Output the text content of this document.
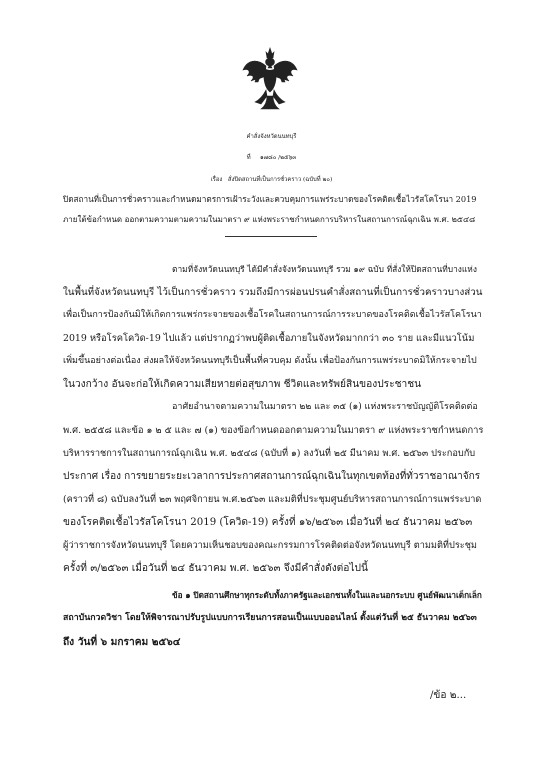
คำสั่งจังหวัดนนทบุรี
ที่ ๑๗๘๐ /๒๕๖๓
เรื่อง สั่งปิดสถานที่เป็นการชั่วคราว (ฉบับที่ ๒๐)
ปิดสถานที่เป็นการชั่วคราวและกำหนดมาตรการเฝ้าระวังและควบคุมการแพร่ระบาดของโรคติดเชื้อไวรัสโคโรนา 2019
ภายใต้ข้อกำหนด ออกตามความตามความในมาตรา ๙ แห่งพระราชกำหนดการบริหารในสถานการณ์ฉุกเฉิน พ.ศ. ๒๕๔๘
ตามที่จังหวัดนนทบุรี ได้มีคำสั่งจังหวัดนนทบุรี รวม ๑๙ ฉบับ ที่สั่งให้ปิดสถานที่บางแห่ง
ในพื้นที่จังหวัดนนทบุรี ไว้เป็นการชั่วคราว รวมถึงมีการผ่อนปรนคำสั่งสถานที่เป็นการชั่วคราวบางส่วน
เพื่อเป็นการป้องกันมิให้เกิดการแพร่กระจายของเชื้อโรคในสถานการณ์การระบาดของโรคติดเชื้อไวรัสโคโรนา
2019 หรือโรคโควิด-19 ไปแล้ว แต่ปรากฏว่าพบผู้ติดเชื้อภายในจังหวัดมากกว่า ๓๐ ราย และมีแนวโน้ม
เพิ่มขึ้นอย่างต่อเนื่อง ส่งผลให้จังหวัดนนทบุรีเป็นพื้นที่ควบคุม ดังนั้น เพื่อป้องกันการแพร่ระบาดมิให้กระจายไป
ในวงกว้าง อันจะก่อให้เกิดความเสียหายต่อสุขภาพ ชีวิตและทรัพย์สินของประชาชน
อาศัยอำนาจตามความในมาตรา ๒๒ และ ๓๕ (๑) แห่งพระราชบัญญัติโรคติดต่อ
พ.ศ. ๒๕๕๘ และข้อ ๑ ๒ ๕ และ ๗ (๑) ของข้อกำหนดออกตามความในมาตรา ๙ แห่งพระราชกำหนดการ
บริหารราชการในสถานการณ์ฉุกเฉิน พ.ศ. ๒๕๔๘ (ฉบับที่ ๑) ลงวันที่ ๒๕ มีนาคม พ.ศ. ๒๕๖๓ ประกอบกับ
ประกาศ เรื่อง การขยายระยะเวลาการประกาศสถานการณ์ฉุกเฉินในทุกเขตท้องที่ทั่วราชอาณาจักร
(คราวที่ ๘) ฉบับลงวันที่ ๒๓ พฤศจิกายน พ.ศ.๒๕๖๓ และมติที่ประชุมศูนย์บริหารสถานการณ์การแพร่ระบาด
ของโรคติดเชื้อไวรัสโคโรนา 2019 (โควิด-19) ครั้งที่ ๑๖/๒๕๖๓ เมื่อวันที่ ๒๔ ธันวาคม ๒๕๖๓
ผู้ว่าราชการจังหวัดนนทบุรี โดยความเห็นชอบของคณะกรรมการโรคติดต่อจังหวัดนนทบุรี ตามมติที่ประชุม
ครั้งที่ ๓/๒๕๖๓ เมื่อวันที่ ๒๔ ธันวาคม พ.ศ. ๒๕๖๓ จึงมีคำสั่งดังต่อไปนี้
ข้อ ๑ ปิดสถานศึกษาทุกระดับทั้งภาครัฐและเอกชนทั้งในและนอกระบบ ศูนย์พัฒนาเด็กเล็ก
สถาบันกวดวิชา โดยให้พิจารณาปรับรูปแบบการเรียนการสอนเป็นแบบออนไลน์ ตั้งแต่วันที่ ๒๕ ธันวาคม ๒๕๖๓
ถึง วันที่ ๖ มกราคม ๒๕๖๔
/ข้อ ๒...
